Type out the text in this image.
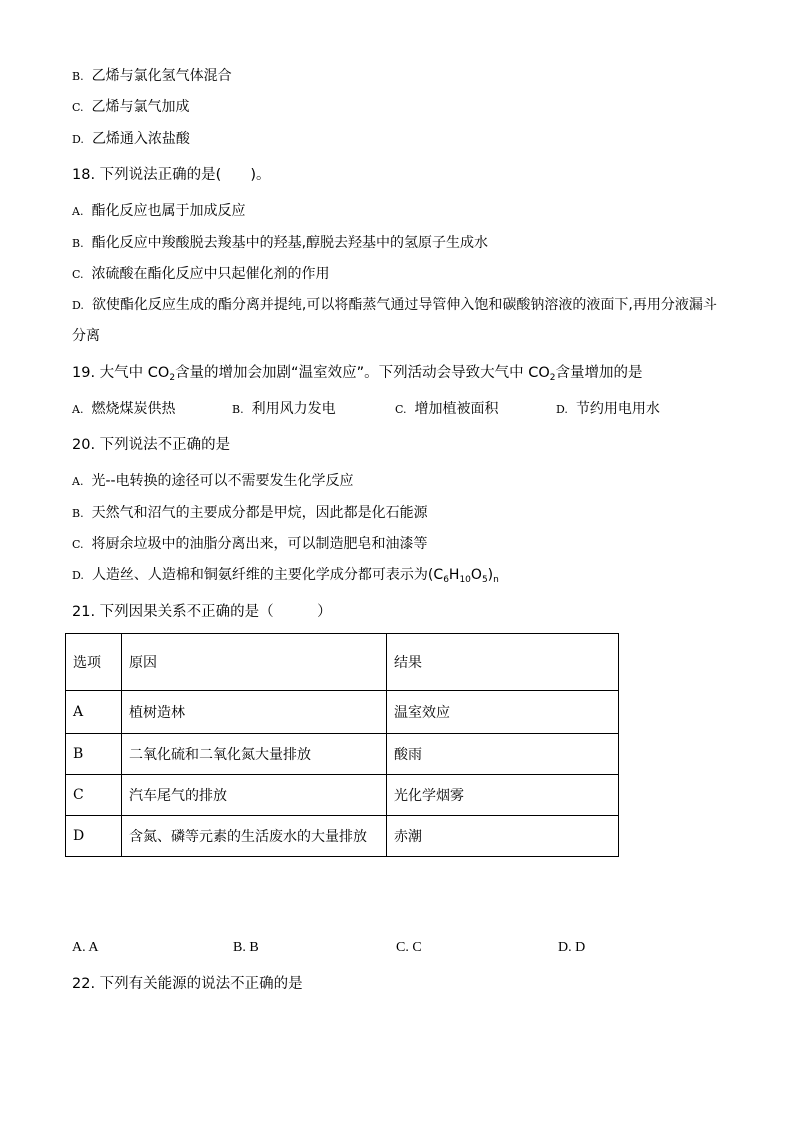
B. 乙烯与氯化氢气体混合
C. 乙烯与氯气加成
D. 乙烯通入浓盐酸
18. 下列说法正确的是(　　)。
A. 酯化反应也属于加成反应
B. 酯化反应中羧酸脱去羧基中的羟基,醇脱去羟基中的氢原子生成水
C. 浓硫酸在酯化反应中只起催化剂的作用
D. 欲使酯化反应生成的酯分离并提纯,可以将酯蒸气通过导管伸入饱和碳酸钠溶液的液面下,再用分液漏斗
分离
19. 大气中 $CO_2$含量的增加会加剧“温室效应”。下列活动会导致大气中 $CO_2$含量增加的是
A. 燃烧煤炭供热	B. 利用风力发电	C. 增加植被面积	D. 节约用电用水
20. 下列说法不正确的是
A. 光--电转换的途径可以不需要发生化学反应
B. 天然气和沼气的主要成分都是甲烷，因此都是化石能源
C. 将厨余垃圾中的油脂分离出来，可以制造肥皂和油漆等
D. 人造丝、人造棉和铜氨纤维的主要化学成分都可表示为$(C_6H_{10}O_5)_n$
21. 下列因果关系不正确的是（　　　）
选项	原因	结果
A	植树造林	温室效应
B	二氧化硫和二氧化氮大量排放	酸雨
C	汽车尾气的排放	光化学烟雾
D	含氮、磷等元素的生活废水的大量排放	赤潮
A. A	B. B	C. C	D. D
22. 下列有关能源的说法不正确的是
